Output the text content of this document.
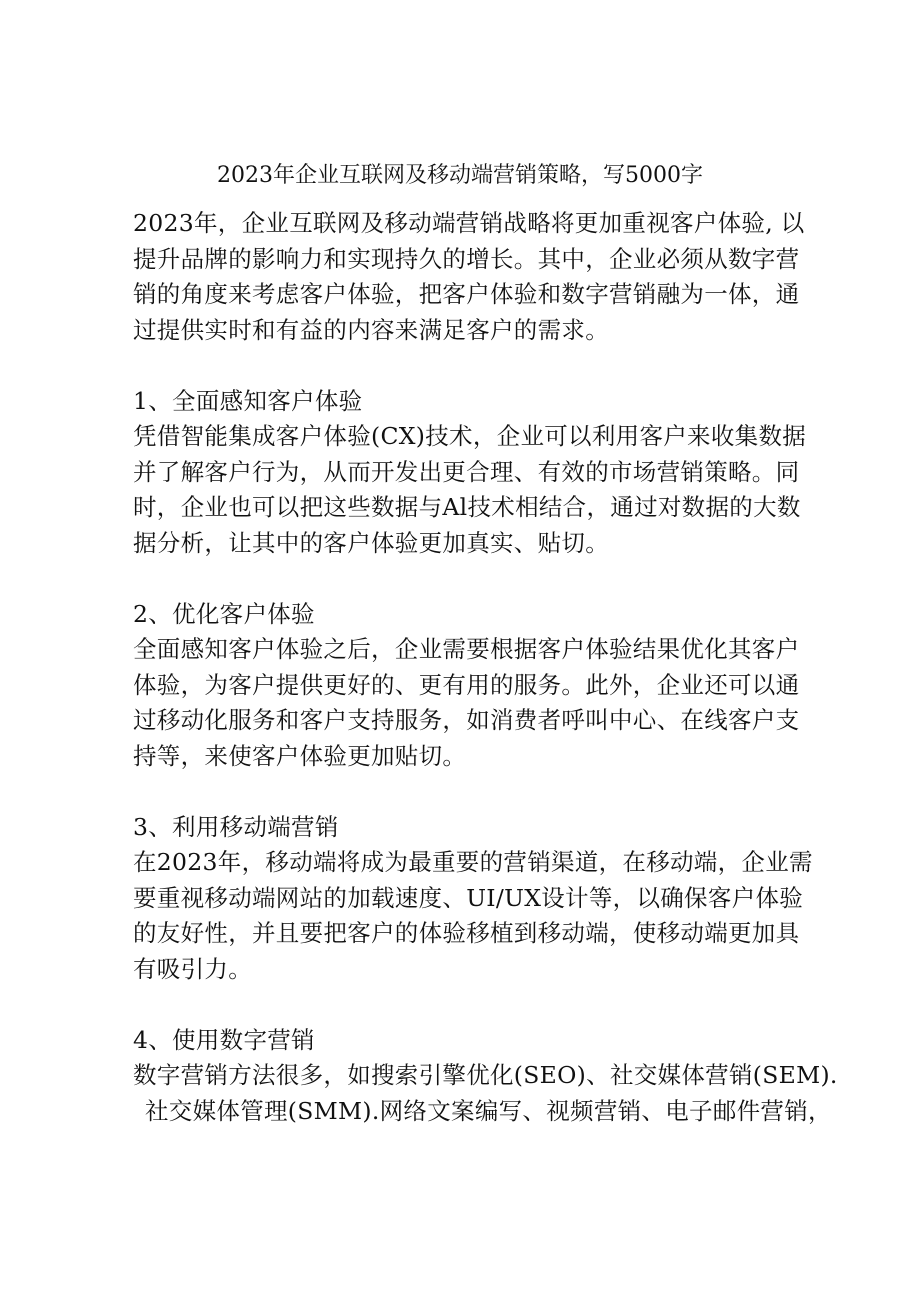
2023年企业互联网及移动端营销策略，写5000字
2023年，企业互联网及移动端营销战略将更加重视客户体验, 以
提升品牌的影响力和实现持久的增长。其中，企业必须从数字营
销的角度来考虑客户体验，把客户体验和数字营销融为一体，通
过提供实时和有益的内容来满足客户的需求。
1、全面感知客户体验
凭借智能集成客户体验(CX)技术，企业可以利用客户来收集数据
并了解客户行为，从而开发出更合理、有效的市场营销策略。同
时，企业也可以把这些数据与Al技术相结合，通过对数据的大数
据分析，让其中的客户体验更加真实、贴切。
2、优化客户体验
全面感知客户体验之后，企业需要根据客户体验结果优化其客户
体验，为客户提供更好的、更有用的服务。此外，企业还可以通
过移动化服务和客户支持服务，如消费者呼叫中心、在线客户支
持等，来使客户体验更加贴切。
3、利用移动端营销
在2023年，移动端将成为最重要的营销渠道，在移动端，企业需
要重视移动端网站的加载速度、UI/UX设计等，以确保客户体验
的友好性，并且要把客户的体验移植到移动端，使移动端更加具
有吸引力。
4、使用数字营销
数字营销方法很多，如搜索引擎优化(SEO)、社交媒体营销(SEM).
社交媒体管理(SMM).网络文案编写、视频营销、电子邮件营销，
